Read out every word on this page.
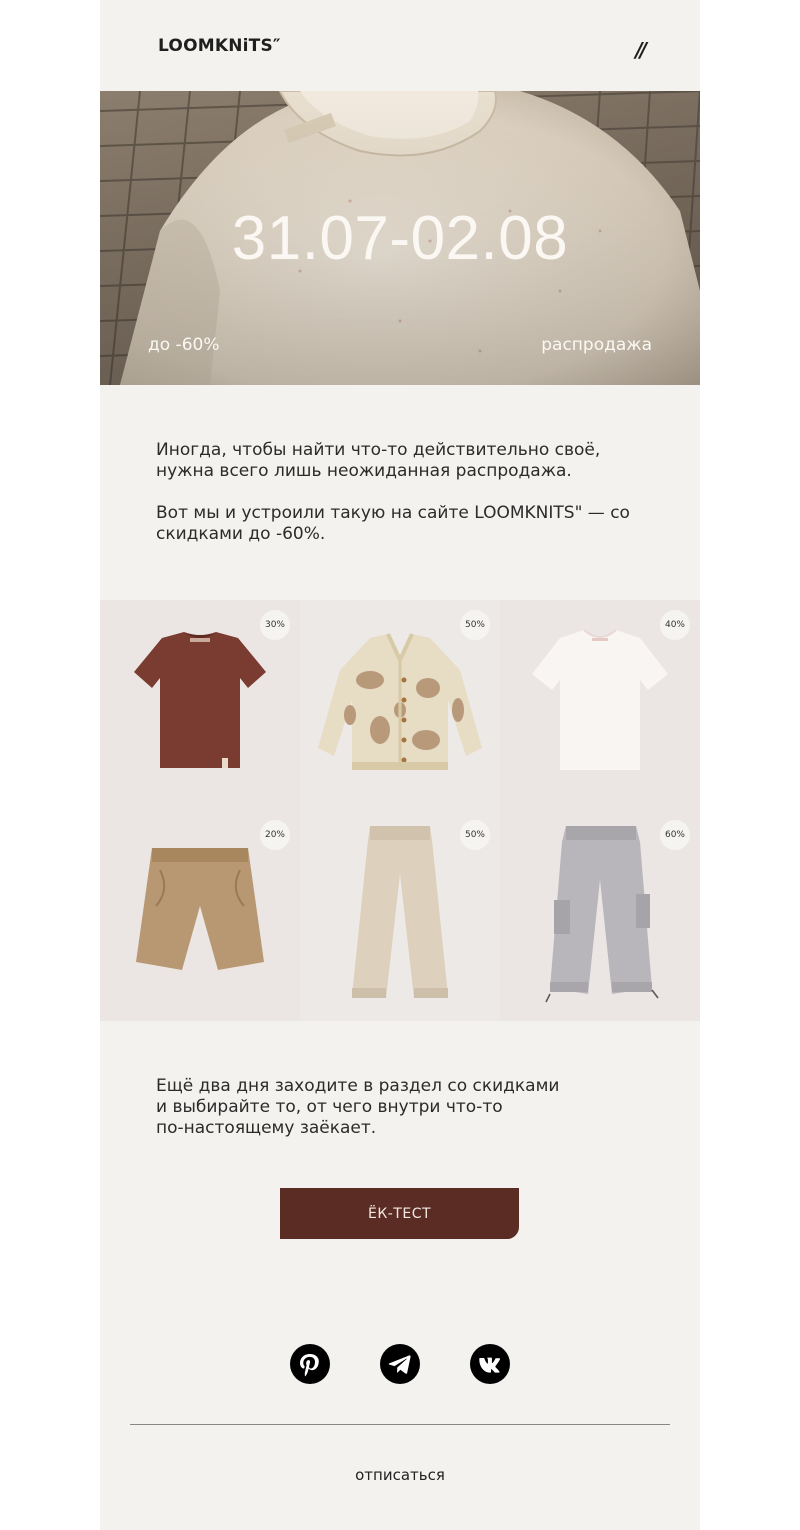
LOOMKNiTS″	//
31.07-02.08
до -60%	распродажа

Иногда, чтобы найти что-то действительно своё, нужна всего лишь неожиданная распродажа.

Вот мы и устроили такую на сайте LOOMKNITS" — со скидками до -60%.

30%	50%	40%
20%	50%	60%
Ещё два дня заходите в раздел со скидками
и выбирайте то, от чего внутри что-то
по-настоящему заёкает.
ЁК-ТЕСТ
отписаться
